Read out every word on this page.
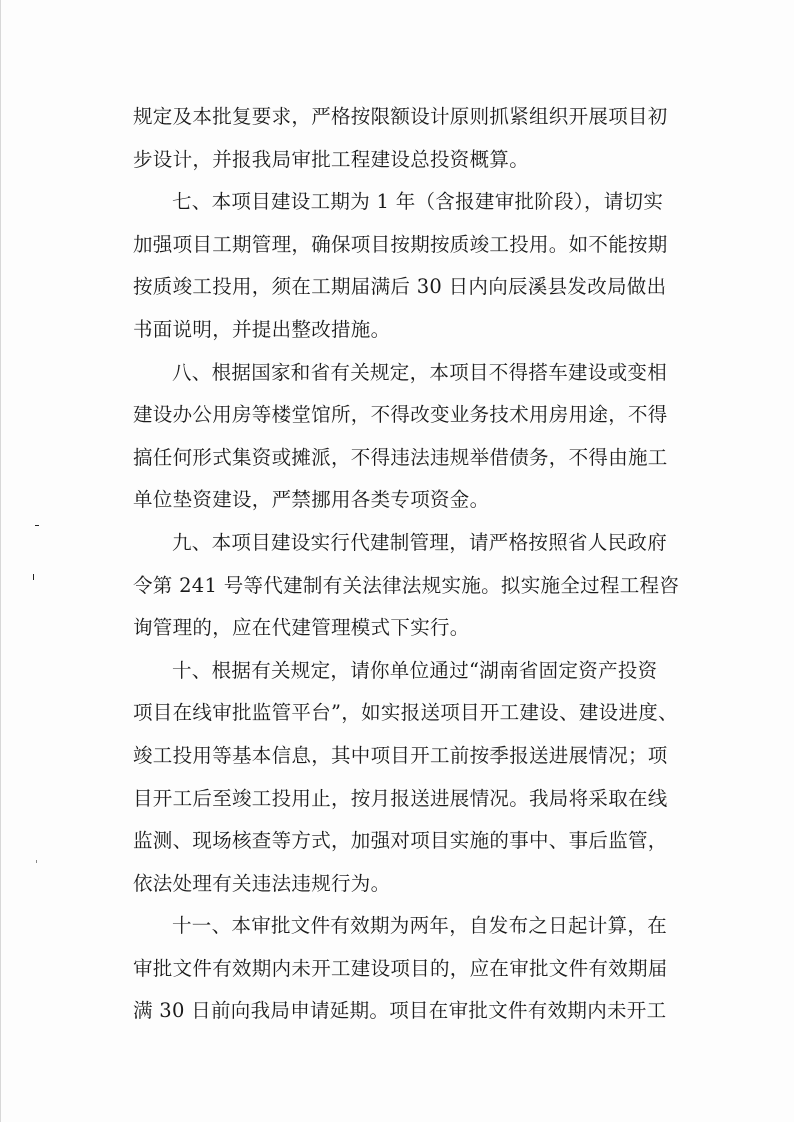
规定及本批复要求，严格按限额设计原则抓紧组织开展项目初
步设计，并报我局审批工程建设总投资概算。
七、本项目建设工期为 1 年（含报建审批阶段），请切实
加强项目工期管理，确保项目按期按质竣工投用。如不能按期
按质竣工投用，须在工期届满后 30 日内向辰溪县发改局做出
书面说明，并提出整改措施。
八、根据国家和省有关规定，本项目不得搭车建设或变相
建设办公用房等楼堂馆所，不得改变业务技术用房用途，不得
搞任何形式集资或摊派，不得违法违规举借债务，不得由施工
单位垫资建设，严禁挪用各类专项资金。
九、本项目建设实行代建制管理，请严格按照省人民政府
令第 241 号等代建制有关法律法规实施。拟实施全过程工程咨
询管理的，应在代建管理模式下实行。
十、根据有关规定，请你单位通过“湖南省固定资产投资
项目在线审批监管平台”，如实报送项目开工建设、建设进度、
竣工投用等基本信息，其中项目开工前按季报送进展情况；项
目开工后至竣工投用止，按月报送进展情况。我局将采取在线
监测、现场核查等方式，加强对项目实施的事中、事后监管，
依法处理有关违法违规行为。
十一、本审批文件有效期为两年，自发布之日起计算，在
审批文件有效期内未开工建设项目的，应在审批文件有效期届
满 30 日前向我局申请延期。项目在审批文件有效期内未开工
